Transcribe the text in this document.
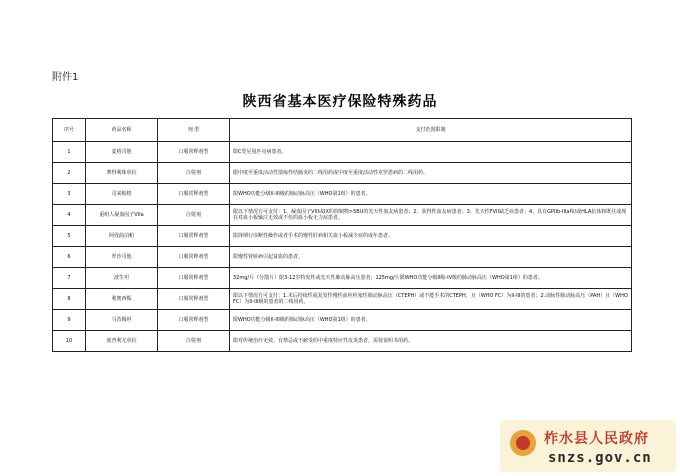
附件1
陕西省基本医疗保险特殊药品
序号	药品名称	剂 型	支付范围限制
1	麦格司他	口服常释剂型	限C型尼曼匹克病患者。
2	赛得利珠单抗	注射剂	限中度至重度活动性溃疡性结肠炎的二线用药或中度至重度活动性克罗恩病的二线用药。
3	司来帕格	口服常释剂型	限WHO功能分级II-III级的肺动脉高压（WHO第1组）的患者。
4	重组人凝血因子VIIa	注射剂	限以下情况方可支付：1、凝血因子VIII或IX的抑制物>5BU的先天性血友病患者；2、获得性血友病患者；3、先天性FVII缺乏症患者；4、具有GPIIb-IIIa和/或HLA抗体和既往或现在对血小板输注无效或不佳的血小板无力症患者。
5	阿伐曲泊帕	口服常释剂型	限择期行诊断性操作或者手术的慢性肝病相关血小板减少症的成年患者。
6	罗沙司他	口服常释剂型	限慢性肾脏病引起贫血的患者。
7	波生坦	口服常释剂型	32mg/片（分散片）限3-12岁特发性或先天性肺动脉高压患者；125mg/片限WHO功能分级II级-IV级的肺动脉高压（WHO第1组）的患者。
8	利奥西呱	口服常释剂型	限以下情况方可支付：1.术后持续性或复发性慢性血栓栓塞性肺动脉高压（CTEPH）或不能手术的CTEPH，且（WHO FC）为II-III的患者；2.动脉性肺动脉高压（PAH）且（WHO FC）为II-III级的患者的二线用药。
9	马昔腾坦	口服常释剂型	限WHO功能分级II-III级的肺动脉高压（WHO第1组）的患者。
10	度普利尤单抗	注射剂	限对传统治疗无效、有禁忌或不耐受的中重度特应性皮炎患者，需按说明书用药。
柞水县人民政府
snzs.gov.cn
